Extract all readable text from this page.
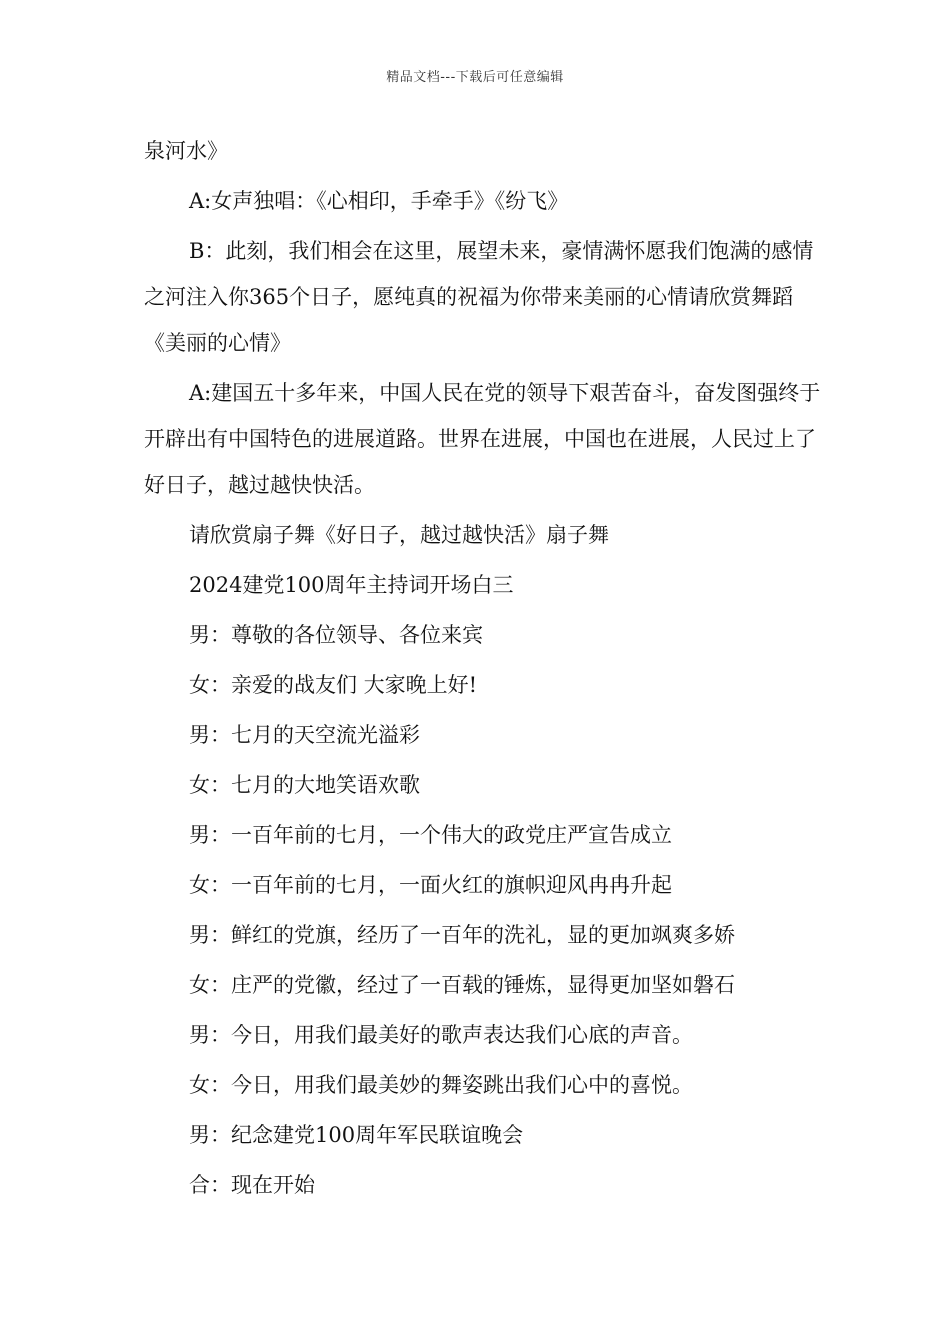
精品文档---下载后可任意编辑

泉河水》

A:女声独唱：《心相印，手牵手》《纷飞》

B：此刻，我们相会在这里，展望未来，豪情满怀愿我们饱满的感情之河注入你365个日子，愿纯真的祝福为你带来美丽的心情请欣赏舞蹈《美丽的心情》

A:建国五十多年来，中国人民在党的领导下艰苦奋斗，奋发图强终于开辟出有中国特色的进展道路。世界在进展，中国也在进展，人民过上了好日子，越过越快快活。

请欣赏扇子舞《好日子，越过越快活》扇子舞

2024建党100周年主持词开场白三

男：尊敬的各位领导、各位来宾

女：亲爱的战友们 大家晚上好!

男：七月的天空流光溢彩

女：七月的大地笑语欢歌

男：一百年前的七月，一个伟大的政党庄严宣告成立

女：一百年前的七月，一面火红的旗帜迎风冉冉升起

男：鲜红的党旗，经历了一百年的洗礼，显的更加飒爽多娇

女：庄严的党徽，经过了一百载的锤炼，显得更加坚如磐石

男：今日，用我们最美好的歌声表达我们心底的声音。

女：今日，用我们最美妙的舞姿跳出我们心中的喜悦。

男：纪念建党100周年军民联谊晚会

合：现在开始
